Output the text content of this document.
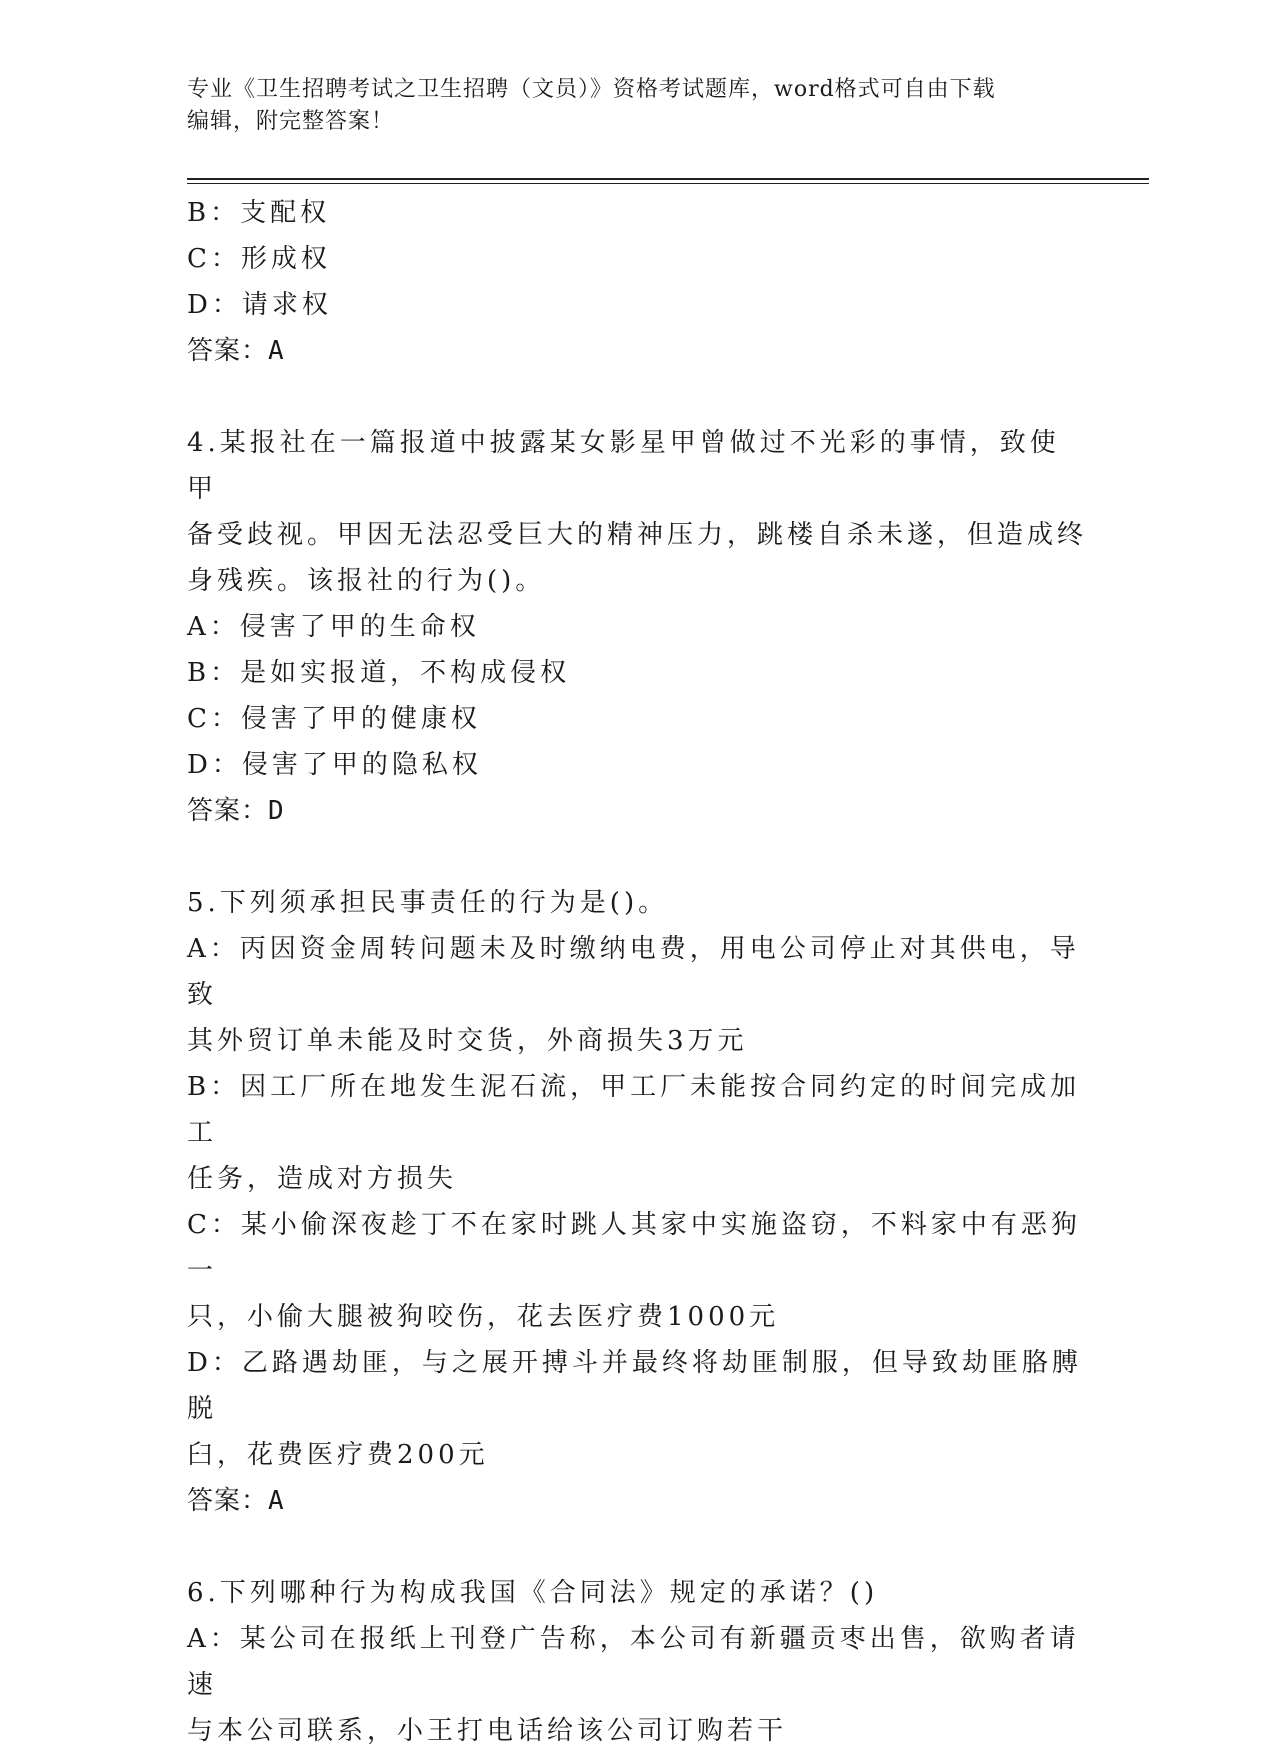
专业《卫生招聘考试之卫生招聘（文员）》资格考试题库，word格式可自由下载
编辑，附完整答案！

B：支配权

C：形成权

D：请求权

答案：A

4.某报社在一篇报道中披露某女影星甲曾做过不光彩的事情，致使甲

备受歧视。甲因无法忍受巨大的精神压力，跳楼自杀未遂，但造成终

身残疾。该报社的行为()。

A：侵害了甲的生命权

B：是如实报道，不构成侵权

C：侵害了甲的健康权

D：侵害了甲的隐私权

答案：D

5.下列须承担民事责任的行为是()。

A：丙因资金周转问题未及时缴纳电费，用电公司停止对其供电，导致

其外贸订单未能及时交货，外商损失3万元

B：因工厂所在地发生泥石流，甲工厂未能按合同约定的时间完成加工

任务，造成对方损失

C：某小偷深夜趁丁不在家时跳人其家中实施盗窃，不料家中有恶狗一

只，小偷大腿被狗咬伤，花去医疗费1000元

D：乙路遇劫匪，与之展开搏斗并最终将劫匪制服，但导致劫匪胳膊脱

臼，花费医疗费200元

答案：A

6.下列哪种行为构成我国《合同法》规定的承诺？()

A：某公司在报纸上刊登广告称，本公司有新疆贡枣出售，欲购者请速

与本公司联系，小王打电话给该公司订购若干
